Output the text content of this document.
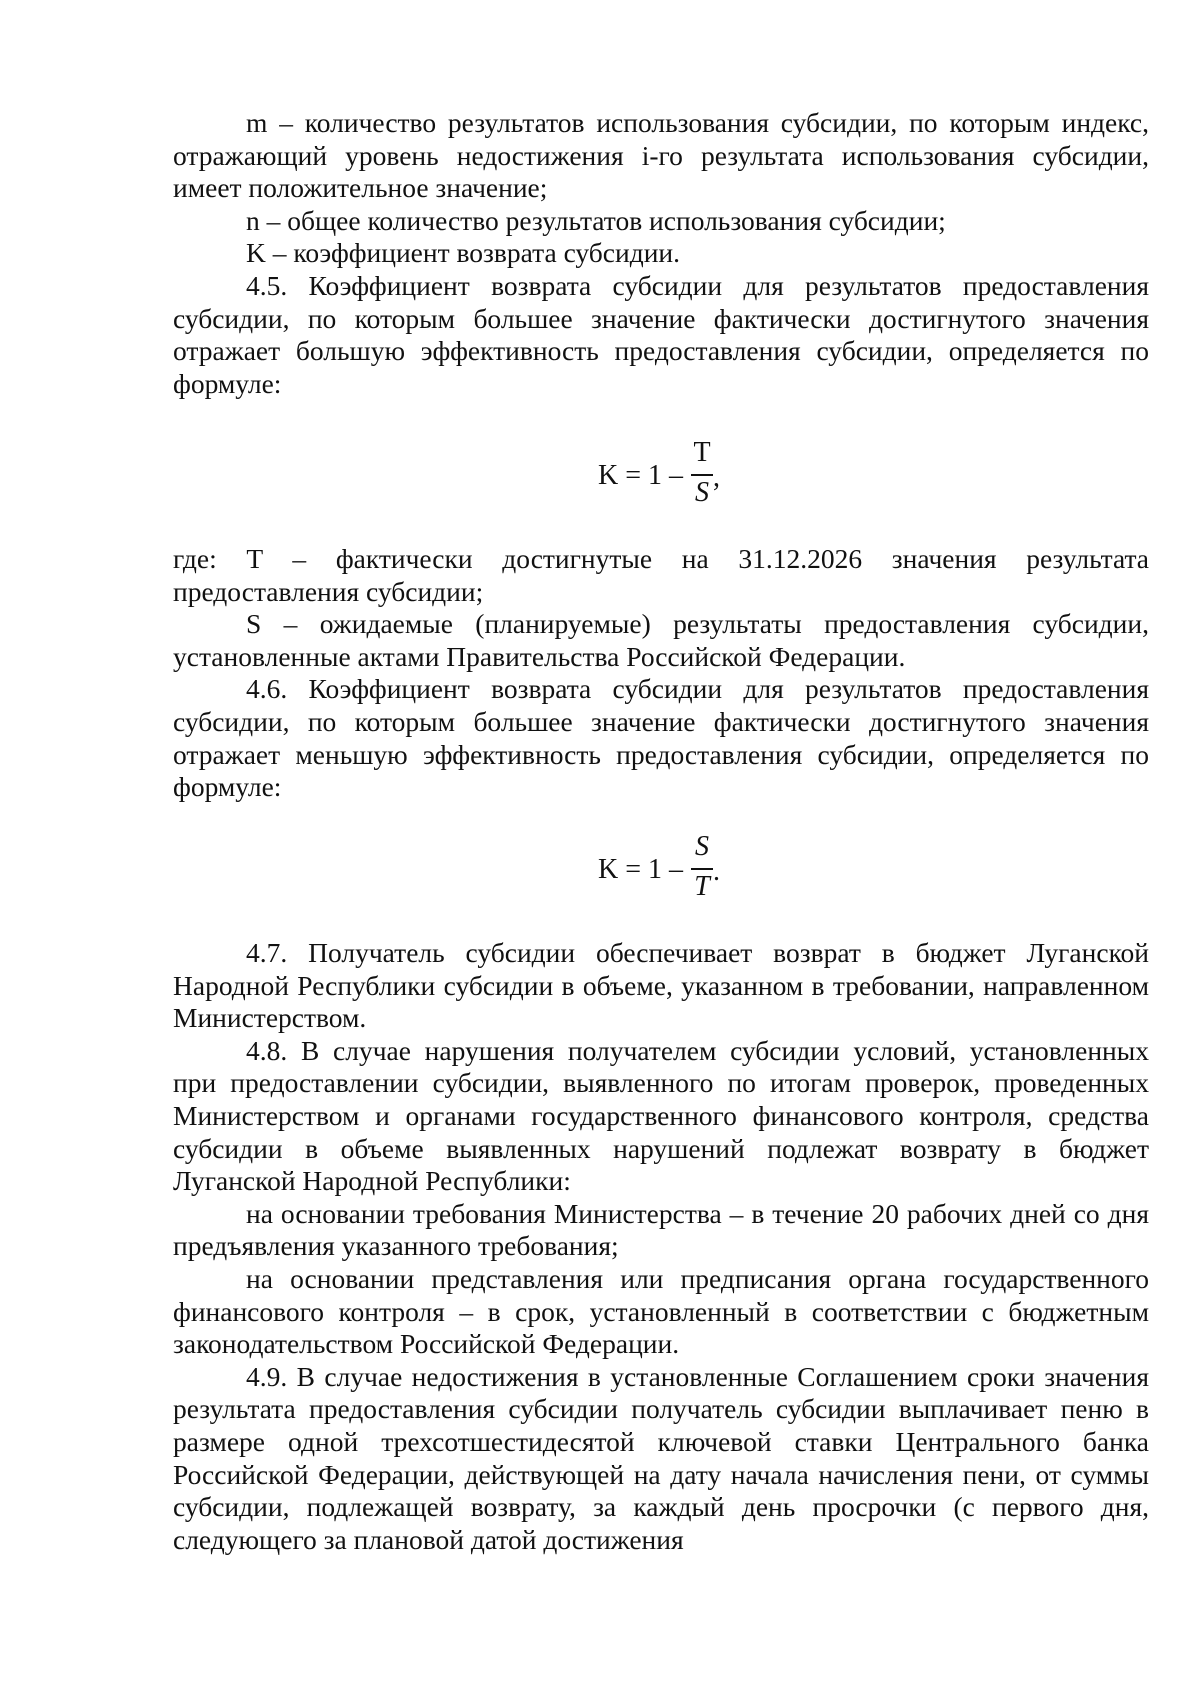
m – количество результатов использования субсидии, по которым индекс, отражающий уровень недостижения i-го результата использования субсидии, имеет положительное значение;

n – общее количество результатов использования субсидии;

K – коэффициент возврата субсидии.

4.5. Коэффициент возврата субсидии для результатов предоставления субсидии, по которым большее значение фактически достигнутого значения отражает большую эффективность предоставления субсидии, определяется по формуле:

K = 1 –
T
S ,

где: T – фактически достигнутые на 31.12.2026 значения результата предоставления субсидии;

S – ожидаемые (планируемые) результаты предоставления субсидии, установленные актами Правительства Российской Федерации.

4.6. Коэффициент возврата субсидии для результатов предоставления субсидии, по которым большее значение фактически достигнутого значения отражает меньшую эффективность предоставления субсидии, определяется по формуле:

K = 1 –
S
T .

4.7. Получатель субсидии обеспечивает возврат в бюджет Луганской Народной Республики субсидии в объеме, указанном в требовании, направленном Министерством.

4.8. В случае нарушения получателем субсидии условий, установленных при предоставлении субсидии, выявленного по итогам проверок, проведенных Министерством и органами государственного финансового контроля, средства субсидии в объеме выявленных нарушений подлежат возврату в бюджет Луганской Народной Республики:

на основании требования Министерства – в течение 20 рабочих дней со дня предъявления указанного требования;

на основании представления или предписания органа государственного финансового контроля – в срок, установленный в соответствии с бюджетным законодательством Российской Федерации.

4.9. В случае недостижения в установленные Соглашением сроки значения результата предоставления субсидии получатель субсидии выплачивает пеню в размере одной трехсотшестидесятой ключевой ставки Центрального банка Российской Федерации, действующей на дату начала начисления пени, от суммы субсидии, подлежащей возврату, за каждый день просрочки (с первого дня, следующего за плановой датой достижения
